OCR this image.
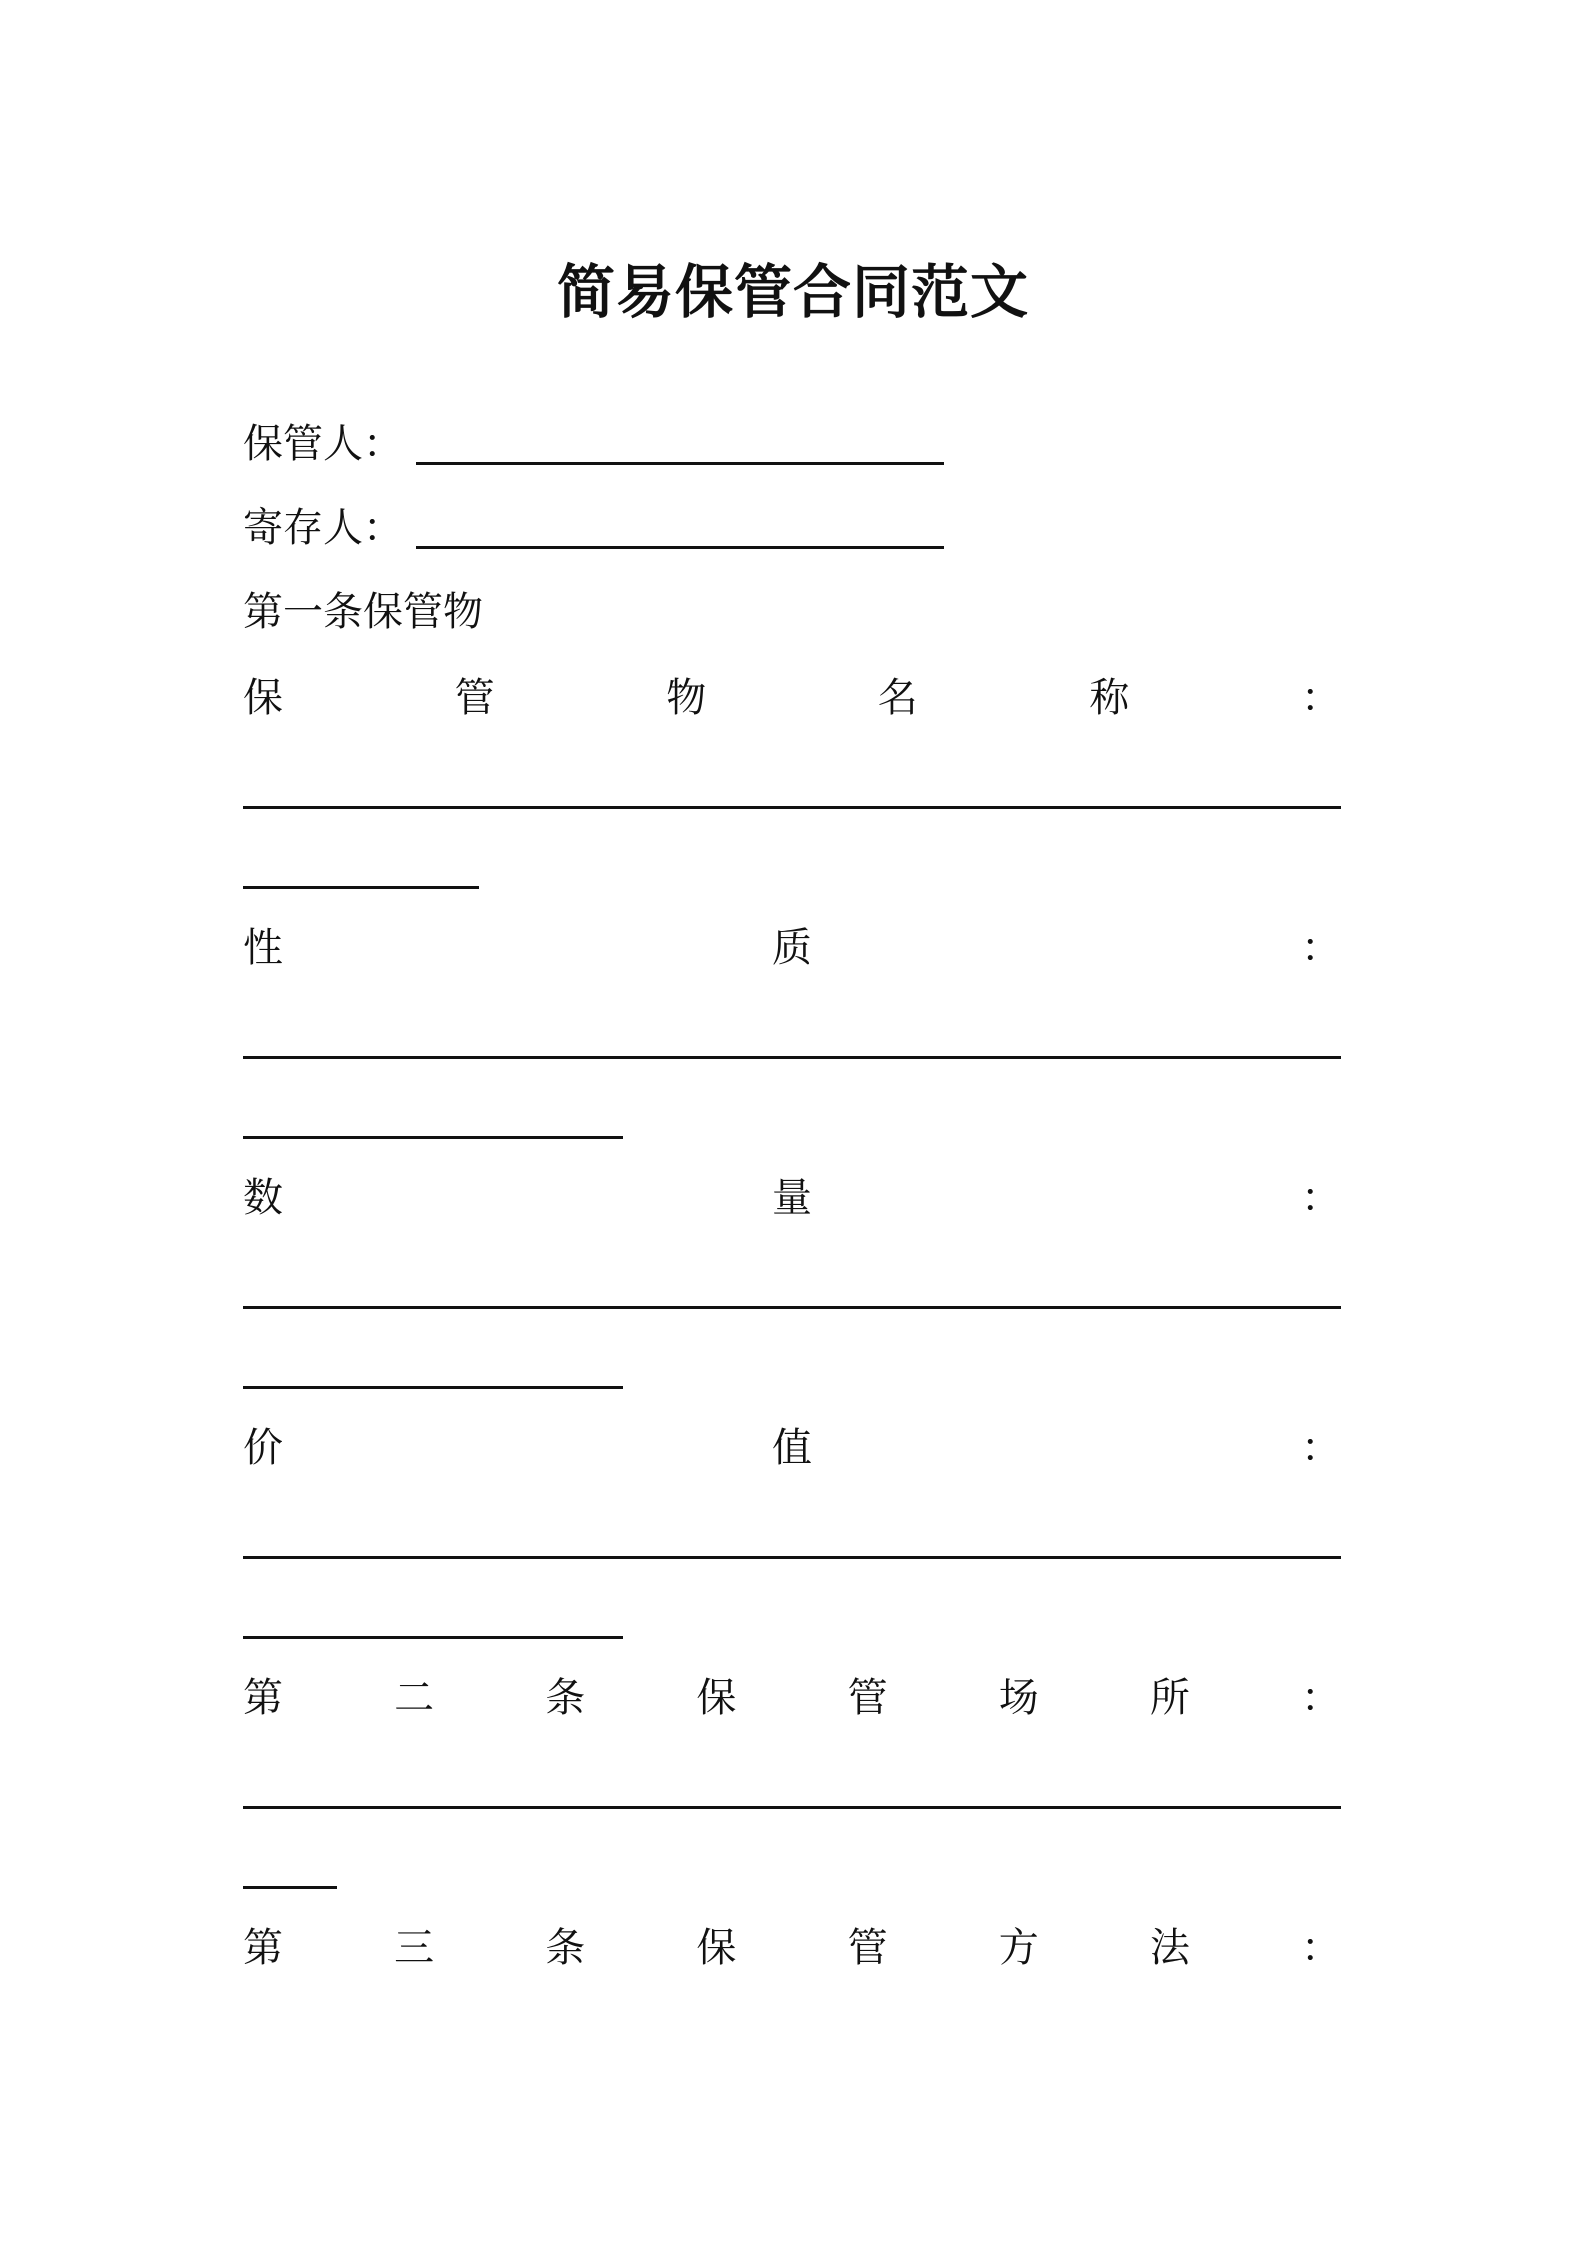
简易保管合同范文
保管人：
寄存人：
第一条保管物
保	管	物	名	称	：
性	质	：
数	量	：
价	值	：
第	二	条	保	管	场	所	：
第	三	条	保	管	方	法	：
